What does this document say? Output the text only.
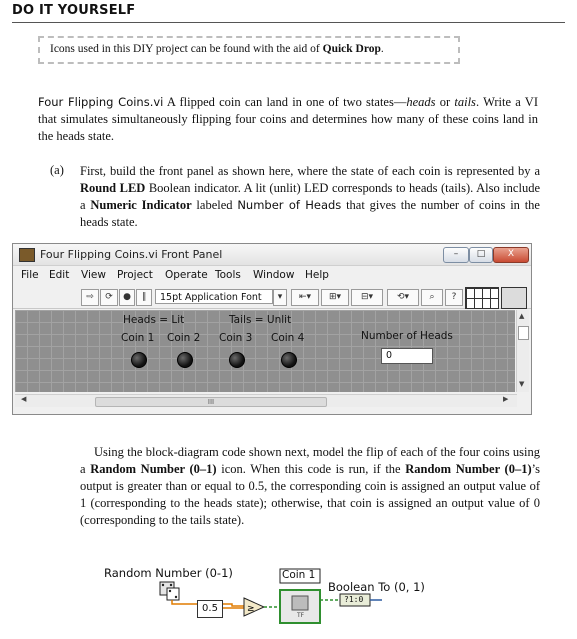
DO IT YOURSELF
Icons used in this DIY project can be found with the aid of Quick Drop.
Four Flipping Coins.vi A flipped coin can land in one of two states—heads or tails. Write a VI that simulates simultaneously flipping four coins and determines how many of these coins land in the heads state.
(a) First, build the front panel as shown here, where the state of each coin is represented by a Round LED Boolean indicator. A lit (unlit) LED corresponds to heads (tails). Also include a Numeric Indicator labeled Number of Heads that gives the number of coins in the heads state.
Four Flipping Coins.vi Front Panel	–	□	X
File Edit View Project Operate Tools Window Help
⇨	⟳	●	∥	15pt Application Font	▾	⇤▾	⊞▾	⊟▾	⟲▾	⌕	?
Heads = Lit	Tails = Unlit
Coin 1 Coin 2 Coin 3 Coin 4	Number of Heads
0
▲
▼
◀	III	▶
Using the block-diagram code shown next, model the flip of each of the four coins using a Random Number (0–1) icon. When this code is run, if the Random Number (0–1)’s output is greater than or equal to 0.5, the corresponding coin is assigned an output value of 1 (corresponding to the heads state); otherwise, that coin is assigned an output value of 0 (corresponding to the tails state).
Random Number (0-1)
≥
0.5
Coin 1
TF
Boolean To (0, 1)
?1:0
